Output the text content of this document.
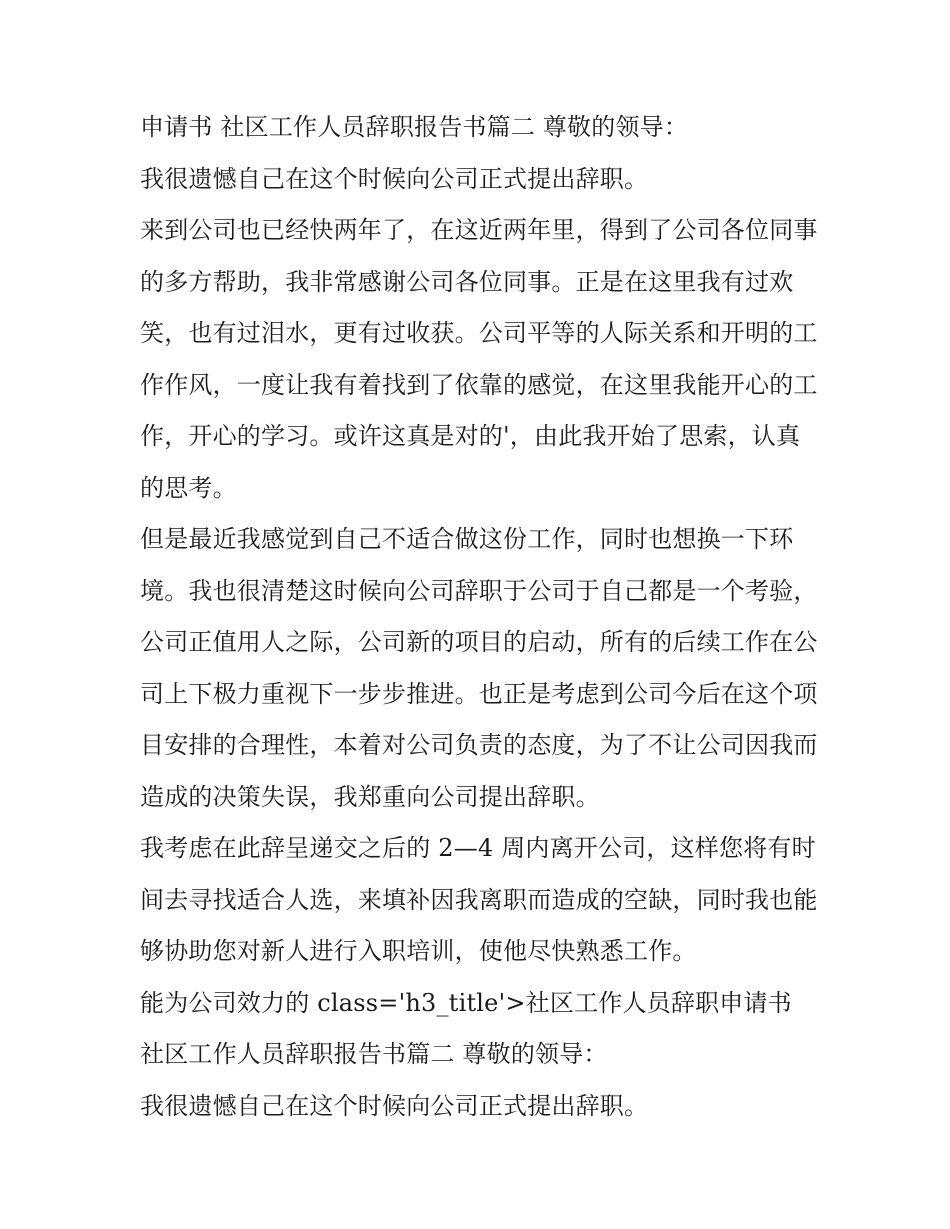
申请书 社区工作人员辞职报告书篇二 尊敬的领导：

我很遗憾自己在这个时候向公司正式提出辞职。

来到公司也已经快两年了，在这近两年里，得到了公司各位同事的多方帮助，我非常感谢公司各位同事。正是在这里我有过欢笑，也有过泪水，更有过收获。公司平等的人际关系和开明的工作作风，一度让我有着找到了依靠的感觉，在这里我能开心的工作，开心的学习。或许这真是对的'，由此我开始了思索，认真的思考。

但是最近我感觉到自己不适合做这份工作，同时也想换一下环境。我也很清楚这时候向公司辞职于公司于自己都是一个考验，公司正值用人之际，公司新的项目的启动，所有的后续工作在公司上下极力重视下一步步推进。也正是考虑到公司今后在这个项目安排的合理性，本着对公司负责的态度，为了不让公司因我而造成的决策失误，我郑重向公司提出辞职。

我考虑在此辞呈递交之后的 2—4 周内离开公司，这样您将有时间去寻找适合人选，来填补因我离职而造成的空缺，同时我也能够协助您对新人进行入职培训，使他尽快熟悉工作。

能为公司效力的 class='h3_title'>社区工作人员辞职申请书 社区工作人员辞职报告书篇二 尊敬的领导：

我很遗憾自己在这个时候向公司正式提出辞职。
